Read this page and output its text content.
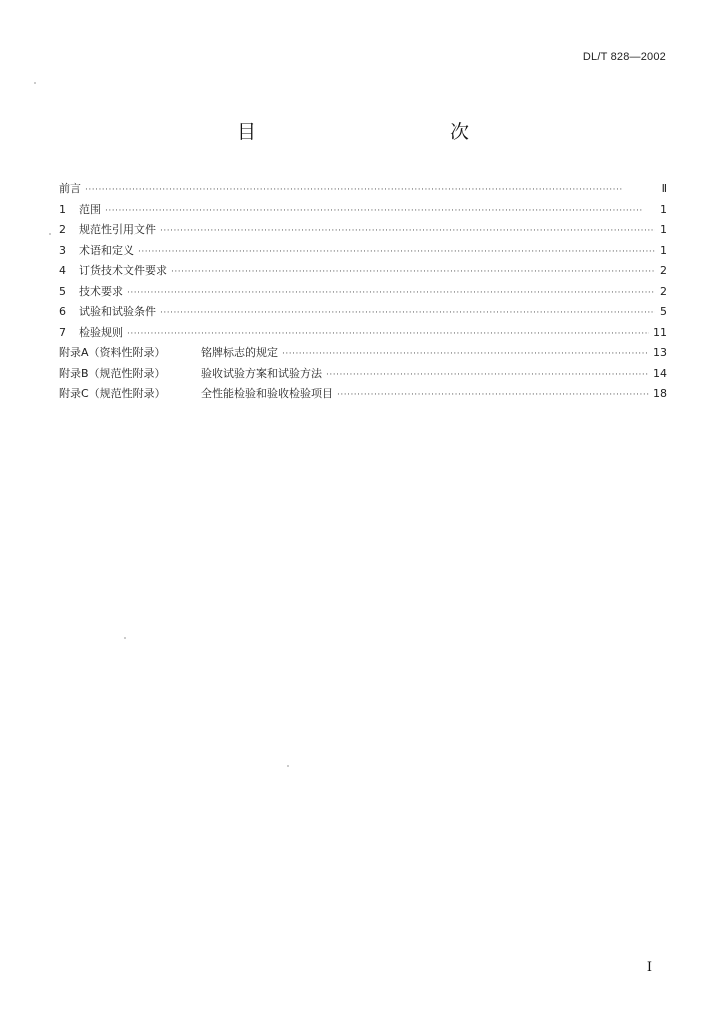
DL/T 828—2002
目　　次
前言 ·····	Ⅱ
1	范围 ·····	1
2	规范性引用文件 ·····	1
3	术语和定义 ·····	1
4	订货技术文件要求 ·····	2
5	技术要求 ·····	2
6	试验和试验条件 ·····	5
7	检验规则 ·····	11
附录A（资料性附录）	铭牌标志的规定 ·····	13
附录B（规范性附录）	验收试验方案和试验方法 ·····	14
附录C（规范性附录）	全性能检验和验收检验项目 ·····	18
I
